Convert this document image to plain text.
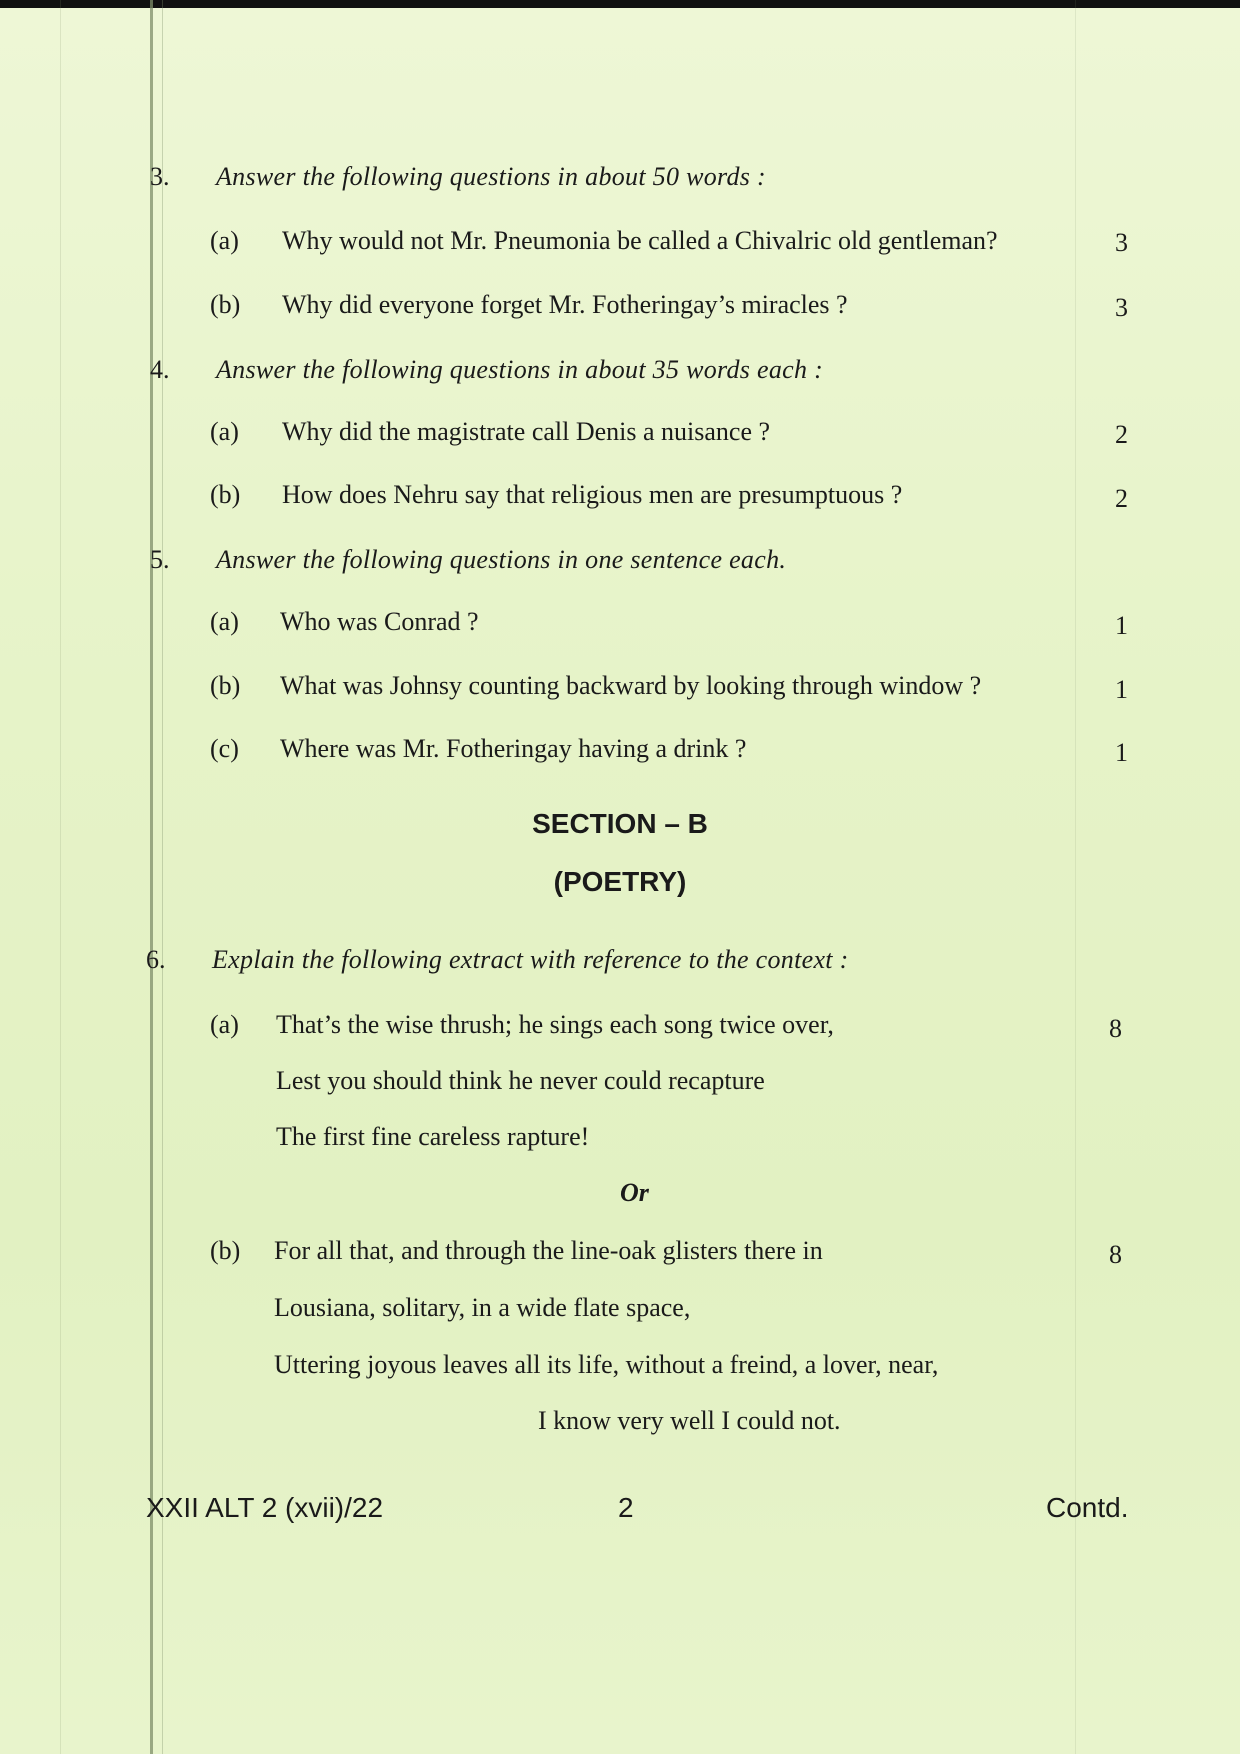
3. Answer the following questions in about 50 words :
(a) Why would not Mr. Pneumonia be called a Chivalric old gentleman?	3
(b) Why did everyone forget Mr. Fotheringay’s miracles ?	3
4. Answer the following questions in about 35 words each :
(a) Why did the magistrate call Denis a nuisance ?	2
(b) How does Nehru say that religious men are presumptuous ?	2
5. Answer the following questions in one sentence each.
(a) Who was Conrad ?	1
(b) What was Johnsy counting backward by looking through window ?	1
(c) Where was Mr. Fotheringay having a drink ?	1
SECTION – B
(POETRY)
6. Explain the following extract with reference to the context :
(a) That’s the wise thrush; he sings each song twice over,	8
Lest you should think he never could recapture
The first fine careless rapture!
Or
(b) For all that, and through the line-oak glisters there in	8
Lousiana, solitary, in a wide flate space,
Uttering joyous leaves all its life, without a freind, a lover, near,
I know very well I could not.
XXII ALT 2 (xvii)/22	2	Contd.
